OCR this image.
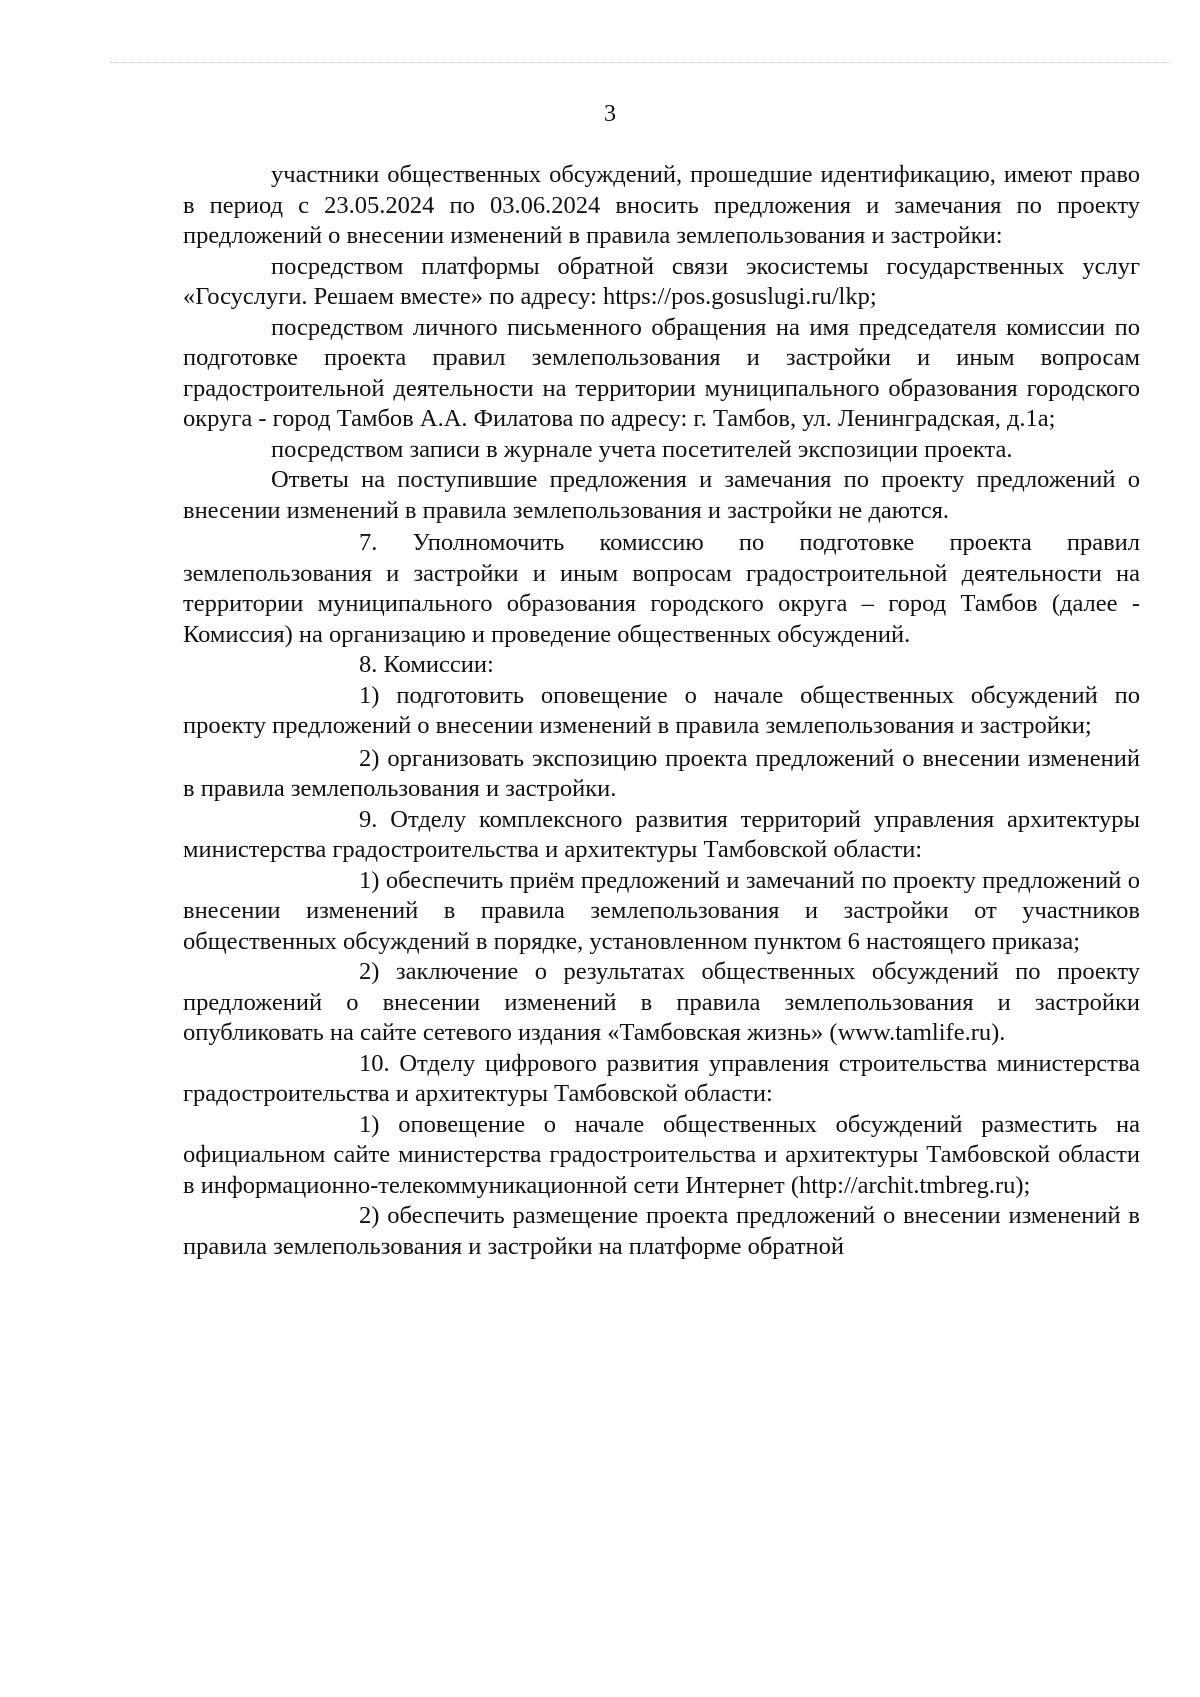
3

участники общественных обсуждений, прошедшие идентификацию, имеют право в период с 23.05.2024 по 03.06.2024 вносить предложения и замечания по проекту предложений о внесении изменений в правила землепользования и застройки:

посредством платформы обратной связи экосистемы государственных услуг «Госуслуги. Решаем вместе» по адресу: https://pos.gosuslugi.ru/lkp;

посредством личного письменного обращения на имя председателя комиссии по подготовке проекта правил землепользования и застройки и иным вопросам градостроительной деятельности на территории муниципального образования городского округа - город Тамбов А.А. Филатова по адресу: г. Тамбов, ул. Ленинградская, д.1а;

посредством записи в журнале учета посетителей экспозиции проекта.

Ответы на поступившие предложения и замечания по проекту предложений о внесении изменений в правила землепользования и застройки не даются.

7. Уполномочить комиссию по подготовке проекта правил землепользования и застройки и иным вопросам градостроительной деятельности на территории муниципального образования городского округа – город Тамбов (далее - Комиссия) на организацию и проведение общественных обсуждений.

8. Комиссии:

1) подготовить оповещение о начале общественных обсуждений по проекту предложений о внесении изменений в правила землепользования и застройки;

2) организовать экспозицию проекта предложений о внесении изменений в правила землепользования и застройки.

9. Отделу комплексного развития территорий управления архитектуры министерства градостроительства и архитектуры Тамбовской области:

1) обеспечить приём предложений и замечаний по проекту предложений о внесении изменений в правила землепользования и застройки от участников общественных обсуждений в порядке, установленном пунктом 6 настоящего приказа;

2) заключение о результатах общественных обсуждений по проекту предложений о внесении изменений в правила землепользования и застройки опубликовать на сайте сетевого издания «Тамбовская жизнь» (www.tamlife.ru).

10. Отделу цифрового развития управления строительства министерства градостроительства и архитектуры Тамбовской области:

1) оповещение о начале общественных обсуждений разместить на официальном сайте министерства градостроительства и архитектуры Тамбовской области в информационно-телекоммуникационной сети Интернет (http://archit.tmbreg.ru);

2) обеспечить размещение проекта предложений о внесении изменений в правила землепользования и застройки на платформе обратной
